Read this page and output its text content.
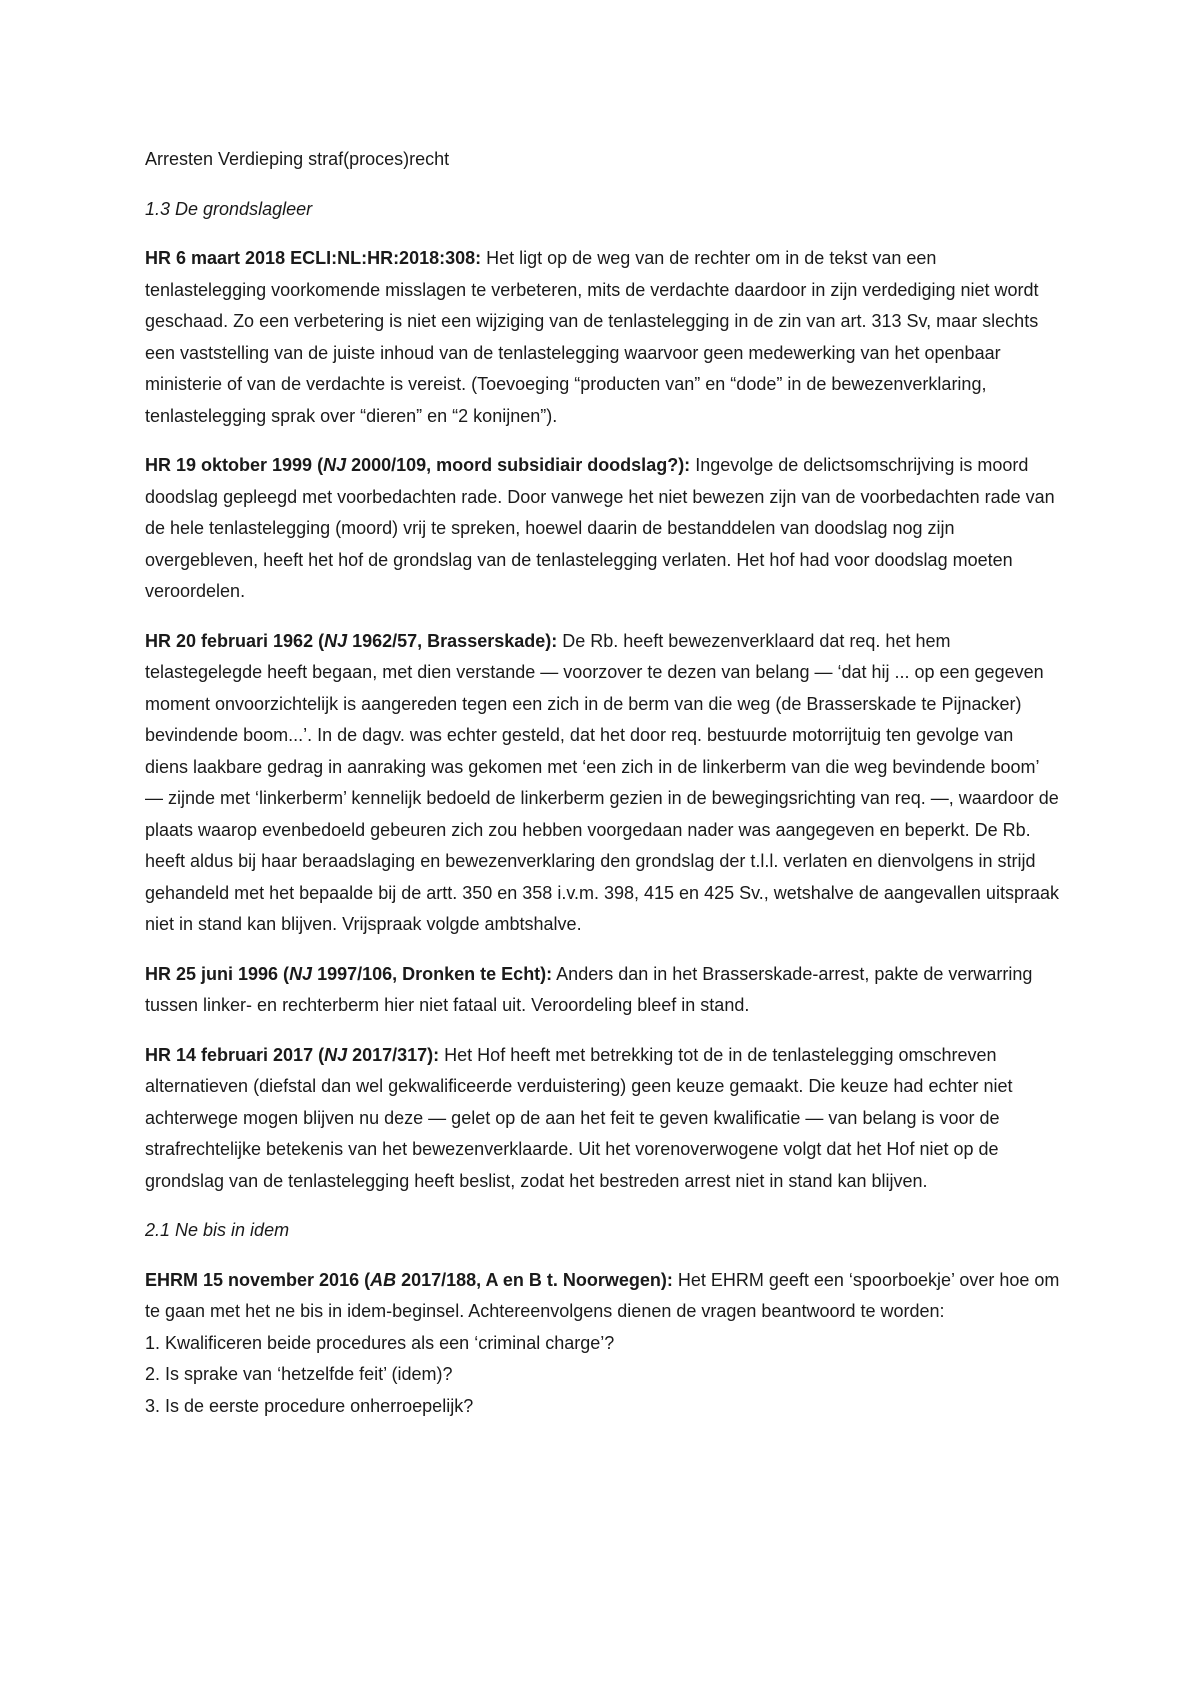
Arresten Verdieping straf(proces)recht

1.3 De grondslagleer

HR 6 maart 2018 ECLI:NL:HR:2018:308: Het ligt op de weg van de rechter om in de tekst van een tenlastelegging voorkomende misslagen te verbeteren, mits de verdachte daardoor in zijn verdediging niet wordt geschaad. Zo een verbetering is niet een wijziging van de tenlastelegging in de zin van art. 313 Sv, maar slechts een vaststelling van de juiste inhoud van de tenlastelegging waarvoor geen medewerking van het openbaar ministerie of van de verdachte is vereist. (Toevoeging “producten van” en “dode” in de bewezenverklaring, tenlastelegging sprak over “dieren” en “2 konijnen”).

HR 19 oktober 1999 (NJ 2000/109, moord subsidiair doodslag?): Ingevolge de delictsomschrijving is moord doodslag gepleegd met voorbedachten rade. Door vanwege het niet bewezen zijn van de voorbedachten rade van de hele tenlastelegging (moord) vrij te spreken, hoewel daarin de bestanddelen van doodslag nog zijn overgebleven, heeft het hof de grondslag van de tenlastelegging verlaten. Het hof had voor doodslag moeten veroordelen.

HR 20 februari 1962 (NJ 1962/57, Brasserskade): De Rb. heeft bewezenverklaard dat req. het hem telastegelegde heeft begaan, met dien verstande — voorzover te dezen van belang — ‘dat hij ... op een gegeven moment onvoorzichtelijk is aangereden tegen een zich in de berm van die weg (de Brasserskade te Pijnacker) bevindende boom...’. In de dagv. was echter gesteld, dat het door req. bestuurde motorrijtuig ten gevolge van diens laakbare gedrag in aanraking was gekomen met ‘een zich in de linkerberm van die weg bevindende boom’ — zijnde met ‘linkerberm’ kennelijk bedoeld de linkerberm gezien in de bewegingsrichting van req. —, waardoor de plaats waarop evenbedoeld gebeuren zich zou hebben voorgedaan nader was aangegeven en beperkt. De Rb. heeft aldus bij haar beraadslaging en bewezenverklaring den grondslag der t.l.l. verlaten en dienvolgens in strijd gehandeld met het bepaalde bij de artt. 350 en 358 i.v.m. 398, 415 en 425 Sv., wetshalve de aangevallen uitspraak niet in stand kan blijven. Vrijspraak volgde ambtshalve.

HR 25 juni 1996 (NJ 1997/106, Dronken te Echt): Anders dan in het Brasserskade-arrest, pakte de verwarring tussen linker- en rechterberm hier niet fataal uit. Veroordeling bleef in stand.

HR 14 februari 2017 (NJ 2017/317): Het Hof heeft met betrekking tot de in de tenlastelegging omschreven alternatieven (diefstal dan wel gekwalificeerde verduistering) geen keuze gemaakt. Die keuze had echter niet achterwege mogen blijven nu deze — gelet op de aan het feit te geven kwalificatie — van belang is voor de strafrechtelijke betekenis van het bewezenverklaarde. Uit het vorenoverwogene volgt dat het Hof niet op de grondslag van de tenlastelegging heeft beslist, zodat het bestreden arrest niet in stand kan blijven.

2.1 Ne bis in idem

EHRM 15 november 2016 (AB 2017/188, A en B t. Noorwegen): Het EHRM geeft een ‘spoorboekje’ over hoe om te gaan met het ne bis in idem-beginsel. Achtereenvolgens dienen de vragen beantwoord te worden:

1. Kwalificeren beide procedures als een ‘criminal charge’?
2. Is sprake van ‘hetzelfde feit’ (idem)?
3. Is de eerste procedure onherroepelijk?
